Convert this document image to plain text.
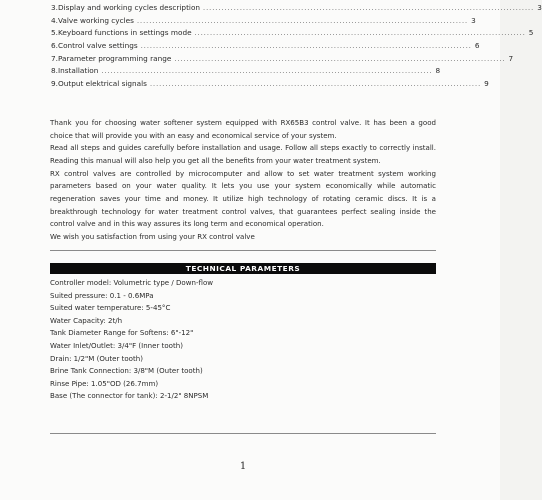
3. Display and working cycles description ............................................................................................................ 3
4. Valve working cycles ............................................................................................................ 3
5. Keyboard functions in settings mode ............................................................................................................ 5
6. Control valve settings ............................................................................................................ 6
7. Parameter programming range ............................................................................................................ 7
8. Installation ............................................................................................................ 8
9. Output elektrical signals ............................................................................................................ 9

Thank you for choosing water softener system equipped with RX65B3 control valve. It has been a good choice that will provide you with an easy and economical service of your system.

Read all steps and guides carefully before installation and usage. Follow all steps exactly to correctly install. Reading this manual will also help you get all the benefits from your water treatment system.

RX control valves are controlled by microcomputer and allow to set water treatment system working parameters based on your water quality. It lets you use your system economically while automatic regeneration saves your time and money. It utilize high technology of rotating ceramic discs. It is a breakthrough technology for water treatment control valves, that guarantees perfect sealing inside the control valve and in this way assures its long term and economical operation.

We wish you satisfaction from using your RX control valve

TECHNICAL PARAMETERS
Controller model: Volumetric type / Down-flow
Suited pressure: 0.1 - 0.6MPa
Suited water temperature: 5-45°C
Water Capacity: 2t/h
Tank Diameter Range for Softens: 6"-12"
Water Inlet/Outlet: 3/4"F (Inner tooth)
Drain: 1/2"M (Outer tooth)
Brine Tank Connection: 3/8"M (Outer tooth)
Rinse Pipe: 1.05"OD (26.7mm)
Base (The connector for tank): 2-1/2" 8NPSM
1
